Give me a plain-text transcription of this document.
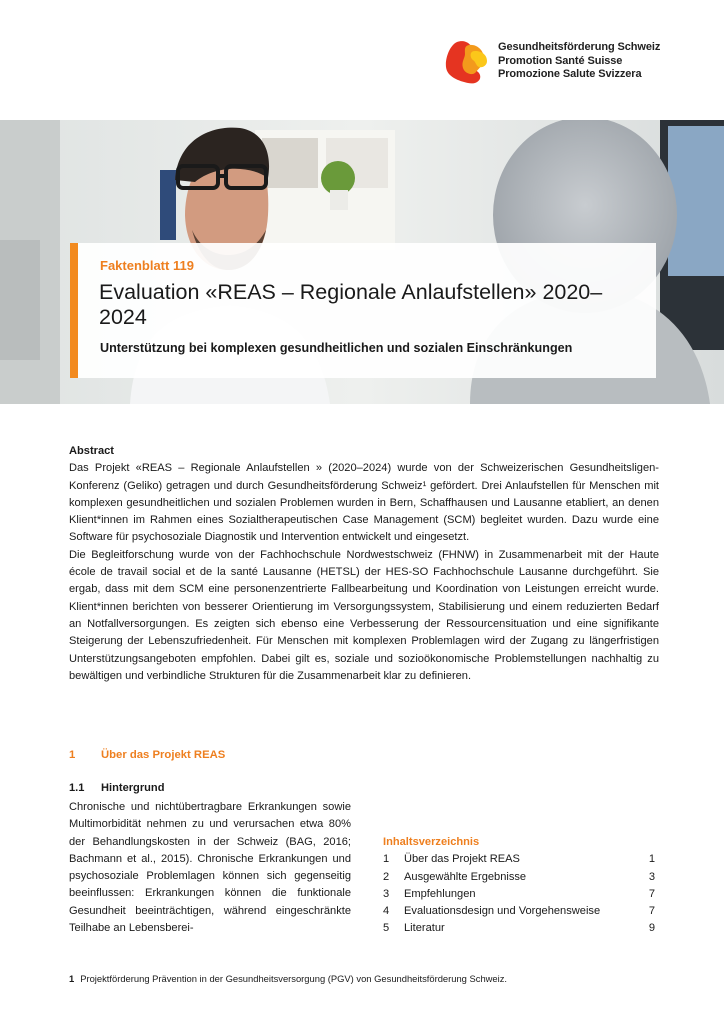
Gesundheitsförderung Schweiz
Promotion Santé Suisse
Promozione Salute Svizzera
Faktenblatt 119
Evaluation «REAS – Regionale Anlaufstellen» 2020–2024
Unterstützung bei komplexen gesundheitlichen und sozialen Einschränkungen
Abstract

Das Projekt «REAS – Regionale Anlaufstellen » (2020–2024) wurde von der Schweizerischen Gesundheitsligen-Konferenz (Geliko) getragen und durch Gesundheitsförderung Schweiz¹ gefördert. Drei Anlaufstellen für Menschen mit komplexen gesundheitlichen und sozialen Problemen wurden in Bern, Schaffhausen und Lausanne etabliert, an denen Klient*innen im Rahmen eines Sozialtherapeutischen Case Management (SCM) begleitet wurden. Dazu wurde eine Software für psychosoziale Diagnostik und Intervention entwickelt und eingesetzt.

Die Begleitforschung wurde von der Fachhochschule Nordwestschweiz (FHNW) in Zusammenarbeit mit der Haute école de travail social et de la santé Lausanne (HETSL) der HES-SO Fachhochschule Lausanne durchgeführt. Sie ergab, dass mit dem SCM eine personenzentrierte Fallbearbeitung und Koordination von Leistungen erreicht wurde. Klient*innen berichten von besserer Orientierung im Versorgungssystem, Stabilisierung und einem reduzierten Bedarf an Notfallversorgungen. Es zeigten sich ebenso eine Verbesserung der Ressourcensituation und eine signifikante Steigerung der Lebenszufriedenheit. Für Menschen mit komplexen Problemlagen wird der Zugang zu längerfristigen Unterstützungsangeboten empfohlen. Dabei gilt es, soziale und sozioökonomische Problemstellungen nachhaltig zu bewältigen und verbindliche Strukturen für die Zusammenarbeit klar zu definieren.

1 Über das Projekt REAS
1.1 Hintergrund

Chronische und nichtübertragbare Erkrankungen sowie Multimorbidität nehmen zu und verursachen etwa 80% der Behandlungskosten in der Schweiz (BAG, 2016; Bachmann et al., 2015). Chronische Erkrankungen und psychosoziale Problemlagen können sich gegenseitig beeinflussen: Erkrankungen können die funktionale Gesundheit beeinträchtigen, während eingeschränkte Teilhabe an Lebensberei-

Inhaltsverzeichnis
1 Über das Projekt REAS	1
2 Ausgewählte Ergebnisse	3
3 Empfehlungen	7
4 Evaluationsdesign und Vorgehensweise	7
5 Literatur	9
1 Projektförderung Prävention in der Gesundheitsversorgung (PGV) von Gesundheitsförderung Schweiz.
